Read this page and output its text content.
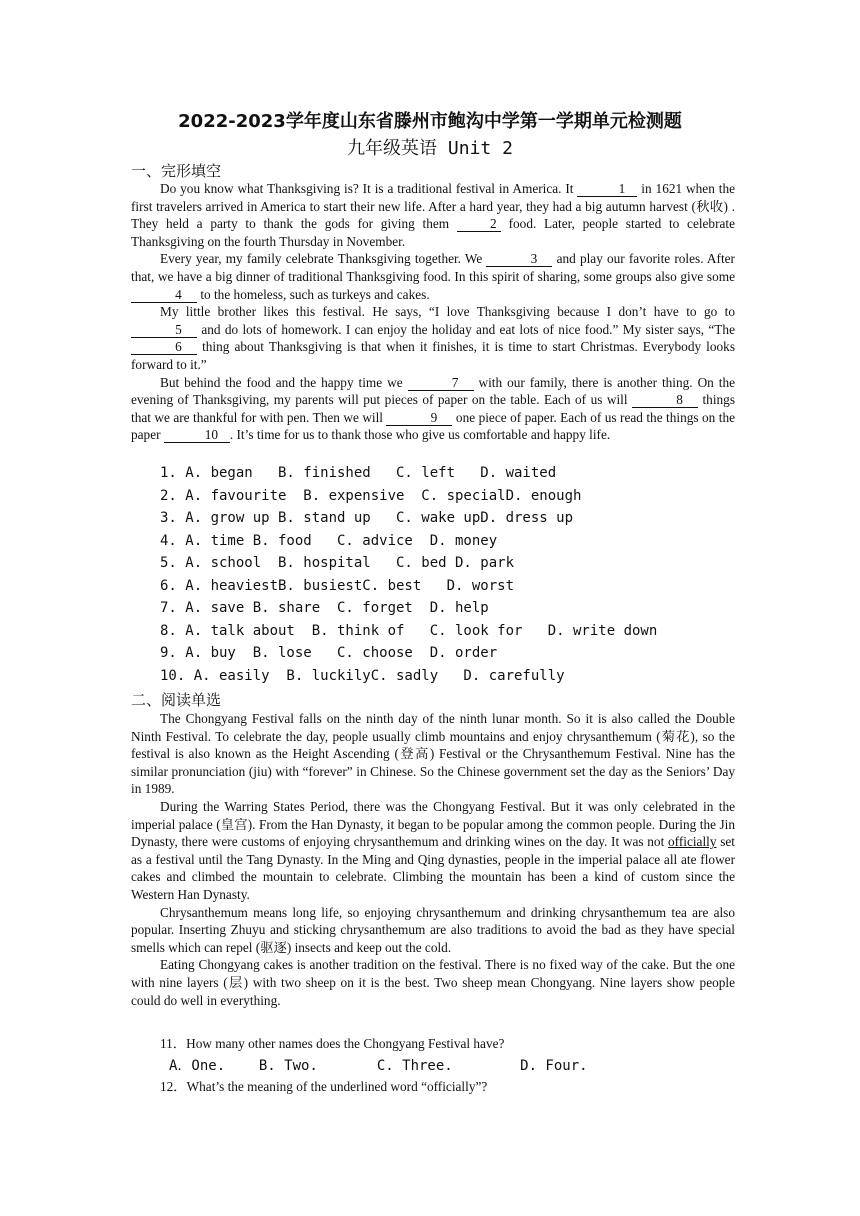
2022-2023学年度山东省滕州市鲍沟中学第一学期单元检测题
九年级英语 Unit 2
一、完形填空

Do you know what Thanksgiving is? It is a traditional festival in America. It	1 in 1621 when the first travelers arrived in America to start their new life. After a hard year, they had a big autumn harvest (秋收) . They held a party to thank the gods for giving them 2 food. Later, people started to celebrate Thanksgiving on the fourth Thursday in November.

Every year, my family celebrate Thanksgiving together. We	3 and play our favorite roles. After that, we have a big dinner of traditional Thanksgiving food. In this spirit of sharing, some groups also give some 4 to the homeless, such as turkeys and cakes.

My little brother likes this festival. He says, “I love Thanksgiving because I don’t have to go to 5 and do lots of homework. I can enjoy the holiday and eat lots of nice food.” My sister says, “The 6 thing about Thanksgiving is that when it finishes, it is time to start Christmas. Everybody looks forward to it.”

But behind the food and the happy time we	7 with our family, there is another thing. On the evening of Thanksgiving, my parents will put pieces of paper on the table. Each of us will	8 things that we are thankful for with pen. Then we will	9 one piece of paper. Each of us read the things on the paper	10 . It’s time for us to thank those who give us comfortable and happy life.

1. A. began   B. finished   C. left   D. waited
2. A. favourite  B. expensive  C. specialD. enough
3. A. grow up B. stand up   C. wake upD. dress up
4. A. time B. food   C. advice  D. money
5. A. school  B. hospital   C. bed D. park
6. A. heaviestB. busiestC. best   D. worst
7. A. save B. share  C. forget  D. help
8. A. talk about  B. think of   C. look for   D. write down
9. A. buy  B. lose   C. choose  D. order
10. A. easily  B. luckilyC. sadly   D. carefully
二、阅读单选

The Chongyang Festival falls on the ninth day of the ninth lunar month. So it is also called the Double Ninth Festival. To celebrate the day, people usually climb mountains and enjoy chrysanthemum (菊花), so the festival is also known as the Height Ascending (登高) Festival or the Chrysanthemum Festival. Nine has the similar pronunciation (jiu) with “forever” in Chinese. So the Chinese government set the day as the Seniors’ Day in 1989.

During the Warring States Period, there was the Chongyang Festival. But it was only celebrated in the imperial palace (皇宫). From the Han Dynasty, it began to be popular among the common people. During the Jin Dynasty, there were customs of enjoying chrysanthemum and drinking wines on the day. It was not officially set as a festival until the Tang Dynasty. In the Ming and Qing dynasties, people in the imperial palace all ate flower cakes and climbed the mountain to celebrate. Climbing the mountain has been a kind of custom since the Western Han Dynasty.

Chrysanthemum means long life, so enjoying chrysanthemum and drinking chrysanthemum tea are also popular. Inserting Zhuyu and sticking chrysanthemum are also traditions to avoid the bad as they have special smells which can repel (驱逐) insects and keep out the cold.

Eating Chongyang cakes is another tradition on the festival. There is no fixed way of the cake. But the one with nine layers (层) with two sheep on it is the best. Two sheep mean Chongyang. Nine layers show people could do well in everything.

11．How many other names does the Chongyang Festival have?
A．One.    B. Two.       C. Three.        D. Four.
12．What’s the meaning of the underlined word “officially”?
